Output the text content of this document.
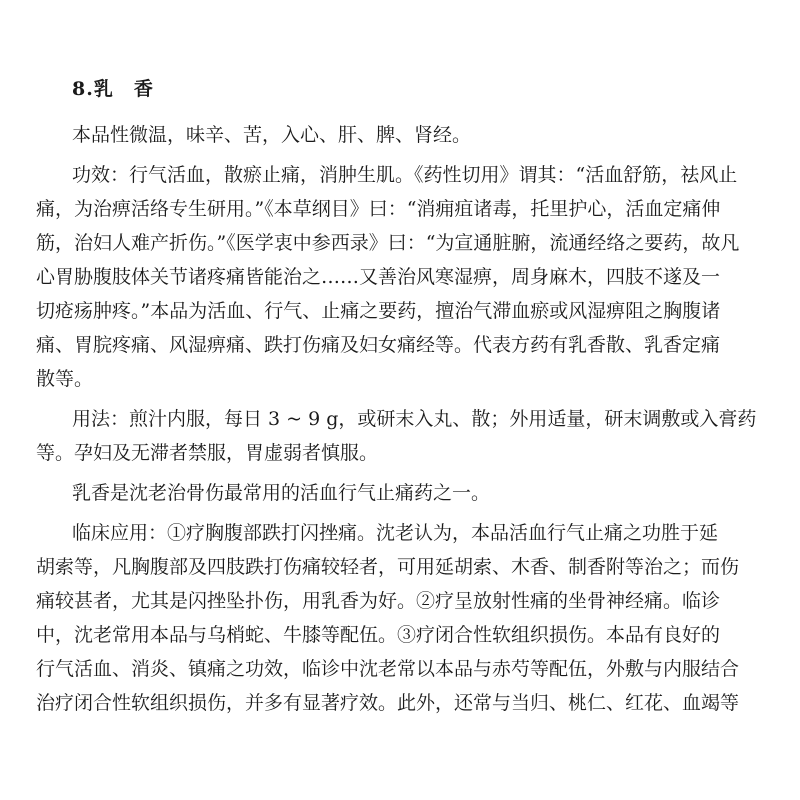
8.乳　香
本品性微温，味辛、苦，入心、肝、脾、肾经。
功效：行气活血，散瘀止痛，消肿生肌。《药性切用》谓其：“活血舒筋，祛风止
痛，为治痹活络专生研用。”《本草纲目》曰：“消痈疽诸毒，托里护心，活血定痛伸
筋，治妇人难产折伤。”《医学衷中参西录》曰：“为宣通脏腑，流通经络之要药，故凡
心胃胁腹肢体关节诸疼痛皆能治之……又善治风寒湿痹，周身麻木，四肢不遂及一
切疮疡肿疼。”本品为活血、行气、止痛之要药，擅治气滞血瘀或风湿痹阻之胸腹诸
痛、胃脘疼痛、风湿痹痛、跌打伤痛及妇女痛经等。代表方药有乳香散、乳香定痛
散等。
用法：煎汁内服，每日 3 ~ 9 g，或研末入丸、散；外用适量，研末调敷或入膏药
等。孕妇及无滞者禁服，胃虚弱者慎服。
乳香是沈老治骨伤最常用的活血行气止痛药之一。
临床应用：①疗胸腹部跌打闪挫痛。沈老认为，本品活血行气止痛之功胜于延
胡索等，凡胸腹部及四肢跌打伤痛较轻者，可用延胡索、木香、制香附等治之；而伤
痛较甚者，尤其是闪挫坠扑伤，用乳香为好。②疗呈放射性痛的坐骨神经痛。临诊
中，沈老常用本品与乌梢蛇、牛膝等配伍。③疗闭合性软组织损伤。本品有良好的
行气活血、消炎、镇痛之功效，临诊中沈老常以本品与赤芍等配伍，外敷与内服结合
治疗闭合性软组织损伤，并多有显著疗效。此外，还常与当归、桃仁、红花、血竭等
